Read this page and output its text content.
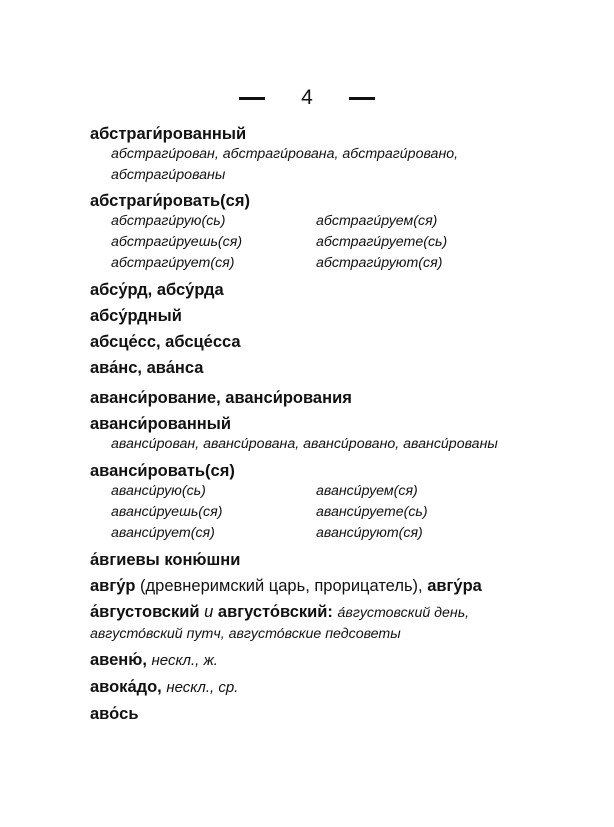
4
абстраги́рованный
абстраги́рован, абстраги́рована, абстраги́ровано, абстраги́рованы
абстраги́ровать(ся)
абстраги́рую(сь)	абстраги́руем(ся)
абстраги́руешь(ся)	абстраги́руете(сь)
абстраги́рует(ся)	абстраги́руют(ся)
абсу́рд, абсу́рда
абсу́рдный
абсце́сс, абсце́сса
ава́нс, ава́нса
аванси́рование, аванси́рования
аванси́рованный
аванси́рован, аванси́рована, аванси́ровано, аванси́рованы
аванси́ровать(ся)
аванси́рую(сь)	аванси́руем(ся)
аванси́руешь(ся)	аванси́руете(сь)
аванси́рует(ся)	аванси́руют(ся)
а́вгиевы коню́шни
авгу́р (древнеримский царь, прорицатель), авгу́ра
а́вгустовский и августо́вский: а́вгустовский день, августо́вский путч, августо́вские педсоветы
авеню́, нескл., ж.
авока́до, нескл., ср.
аво́сь
